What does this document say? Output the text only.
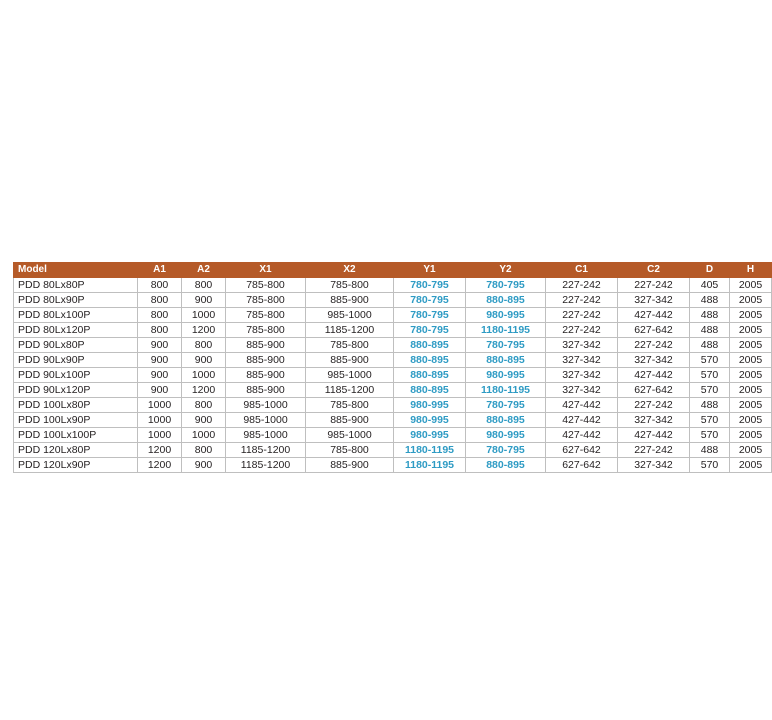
Model	A1	A2	X1	X2	Y1	Y2	C1	C2	D	H
PDD 80Lx80P	800	800	785-800	785-800	780-795	780-795	227-242	227-242	405	2005
PDD 80Lx90P	800	900	785-800	885-900	780-795	880-895	227-242	327-342	488	2005
PDD 80Lx100P	800	1000	785-800	985-1000	780-795	980-995	227-242	427-442	488	2005
PDD 80Lx120P	800	1200	785-800	1185-1200	780-795	1180-1195	227-242	627-642	488	2005
PDD 90Lx80P	900	800	885-900	785-800	880-895	780-795	327-342	227-242	488	2005
PDD 90Lx90P	900	900	885-900	885-900	880-895	880-895	327-342	327-342	570	2005
PDD 90Lx100P	900	1000	885-900	985-1000	880-895	980-995	327-342	427-442	570	2005
PDD 90Lx120P	900	1200	885-900	1185-1200	880-895	1180-1195	327-342	627-642	570	2005
PDD 100Lx80P	1000	800	985-1000	785-800	980-995	780-795	427-442	227-242	488	2005
PDD 100Lx90P	1000	900	985-1000	885-900	980-995	880-895	427-442	327-342	570	2005
PDD 100Lx100P	1000	1000	985-1000	985-1000	980-995	980-995	427-442	427-442	570	2005
PDD 120Lx80P	1200	800	1185-1200	785-800	1180-1195	780-795	627-642	227-242	488	2005
PDD 120Lx90P	1200	900	1185-1200	885-900	1180-1195	880-895	627-642	327-342	570	2005
